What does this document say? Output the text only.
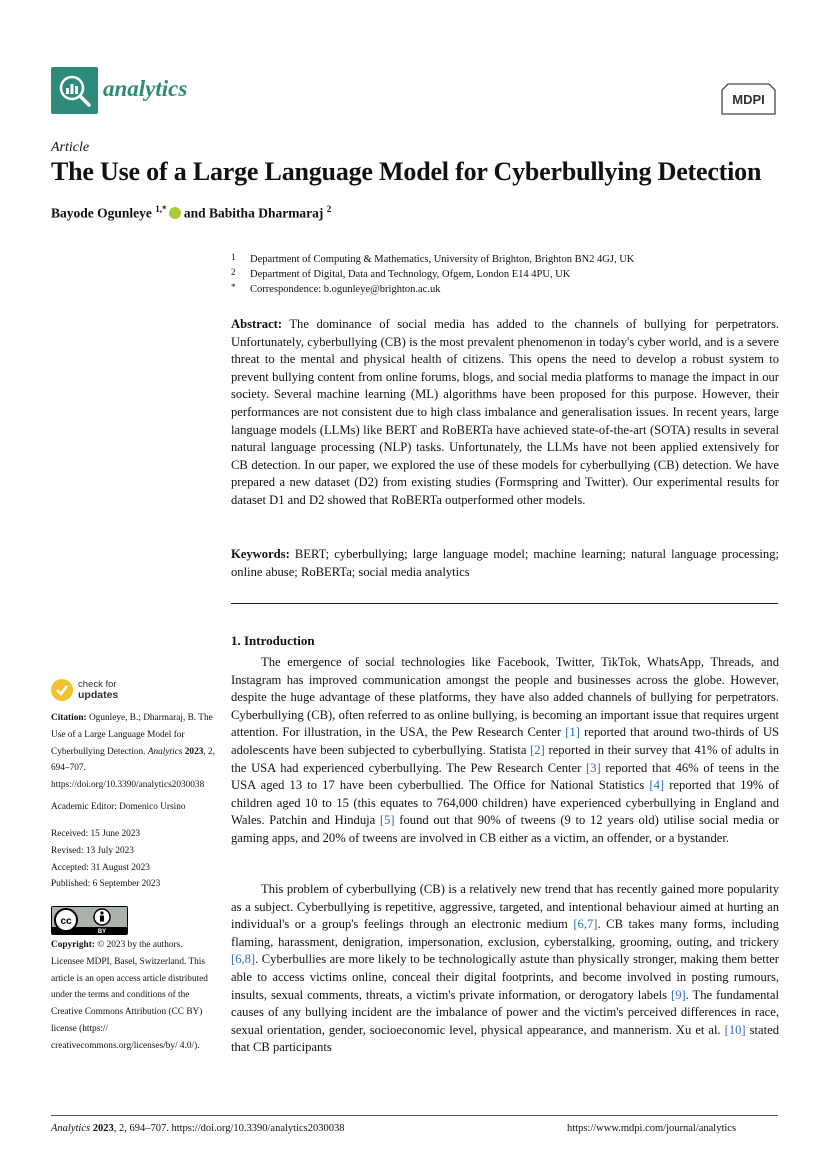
analytics	MDPI
Article
The Use of a Large Language Model for Cyberbullying Detection
Bayode Ogunleye $^{1,*}$ and Babitha Dharmaraj $^2$
1 Department of Computing & Mathematics, University of Brighton, Brighton BN2 4GJ, UK
2 Department of Digital, Data and Technology, Ofgem, London E14 4PU, UK
* Correspondence: b.ogunleye@brighton.ac.uk
Abstract: The dominance of social media has added to the channels of bullying for perpetrators. Unfortunately, cyberbullying (CB) is the most prevalent phenomenon in today's cyber world, and is a severe threat to the mental and physical health of citizens. This opens the need to develop a robust system to prevent bullying content from online forums, blogs, and social media platforms to manage the impact in our society. Several machine learning (ML) algorithms have been proposed for this purpose. However, their performances are not consistent due to high class imbalance and generalisation issues. In recent years, large language models (LLMs) like BERT and RoBERTa have achieved state-of-the-art (SOTA) results in several natural language processing (NLP) tasks. Unfortunately, the LLMs have not been applied extensively for CB detection. In our paper, we explored the use of these models for cyberbullying (CB) detection. We have prepared a new dataset (D2) from existing studies (Formspring and Twitter). Our experimental results for dataset D1 and D2 showed that RoBERTa outperformed other models.
Keywords: BERT; cyberbullying; large language model; machine learning; natural language processing; online abuse; RoBERTa; social media analytics
1. Introduction
The emergence of social technologies like Facebook, Twitter, TikTok, WhatsApp, Threads, and Instagram has improved communication amongst the people and businesses across the globe. However, despite the huge advantage of these platforms, they have also added channels of bullying for perpetrators. Cyberbullying (CB), often referred to as online bullying, is becoming an important issue that requires urgent attention. For illustration, in the USA, the Pew Research Center [1] reported that around two-thirds of US adolescents have been subjected to cyberbullying. Statista [2] reported in their survey that 41% of adults in the USA had experienced cyberbullying. The Pew Research Center [3] reported that 46% of teens in the USA aged 13 to 17 have been cyberbullied. The Office for National Statistics [4] reported that 19% of children aged 10 to 15 (this equates to 764,000 children) have experienced cyberbullying in England and Wales. Patchin and Hinduja [5] found out that 90% of tweens (9 to 12 years old) utilise social media or gaming apps, and 20% of tweens are involved in CB either as a victim, an offender, or a bystander.
This problem of cyberbullying (CB) is a relatively new trend that has recently gained more popularity as a subject. Cyberbullying is repetitive, aggressive, targeted, and intentional behaviour aimed at hurting an individual's or a group's feelings through an electronic medium [6,7]. CB takes many forms, including flaming, harassment, denigration, impersonation, exclusion, cyberstalking, grooming, outing, and trickery [6,8]. Cyberbullies are more likely to be technologically astute than physically stronger, making them better able to access victims online, conceal their digital footprints, and become involved in posting rumours, insults, sexual comments, threats, a victim's private information, or derogatory labels [9]. The fundamental causes of any bullying incident are the imbalance of power and the victim's perceived differences in race, sexual orientation, gender, socioeconomic level, physical appearance, and mannerism. Xu et al. [10] stated that CB participants
check for
updates
Citation: Ogunleye, B.; Dharmaraj, B. The Use of a Large Language Model for Cyberbullying Detection. Analytics 2023, 2, 694–707. https://doi.org/10.3390/analytics2030038
Academic Editor: Domenico Ursino
Received: 15 June 2023
Revised: 13 July 2023
Accepted: 31 August 2023
Published: 6 September 2023
cc
BY
Copyright: © 2023 by the authors. Licensee MDPI, Basel, Switzerland. This article is an open access article distributed under the terms and conditions of the Creative Commons Attribution (CC BY) license (https:// creativecommons.org/licenses/by/ 4.0/).
Analytics 2023, 2, 694–707. https://doi.org/10.3390/analytics2030038	https://www.mdpi.com/journal/analytics
